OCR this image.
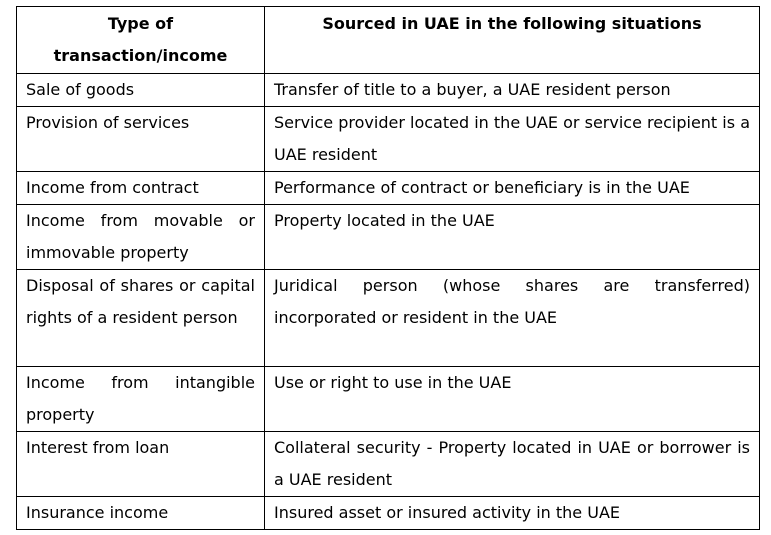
Type of transaction/income	Sourced in UAE in the following situations
Sale of goods	Transfer of title to a buyer, a UAE resident person
Provision of services	Service provider located in the UAE or service recipient is a UAE resident
Income from contract	Performance of contract or beneficiary is in the UAE
Income from movable or immovable property	Property located in the UAE
Disposal of shares or capital rights of a resident person	Juridical person (whose shares are transferred) incorporated or resident in the UAE
Income from intangible property	Use or right to use in the UAE
Interest from loan	Collateral security - Property located in UAE or borrower is a UAE resident
Insurance income	Insured asset or insured activity in the UAE
